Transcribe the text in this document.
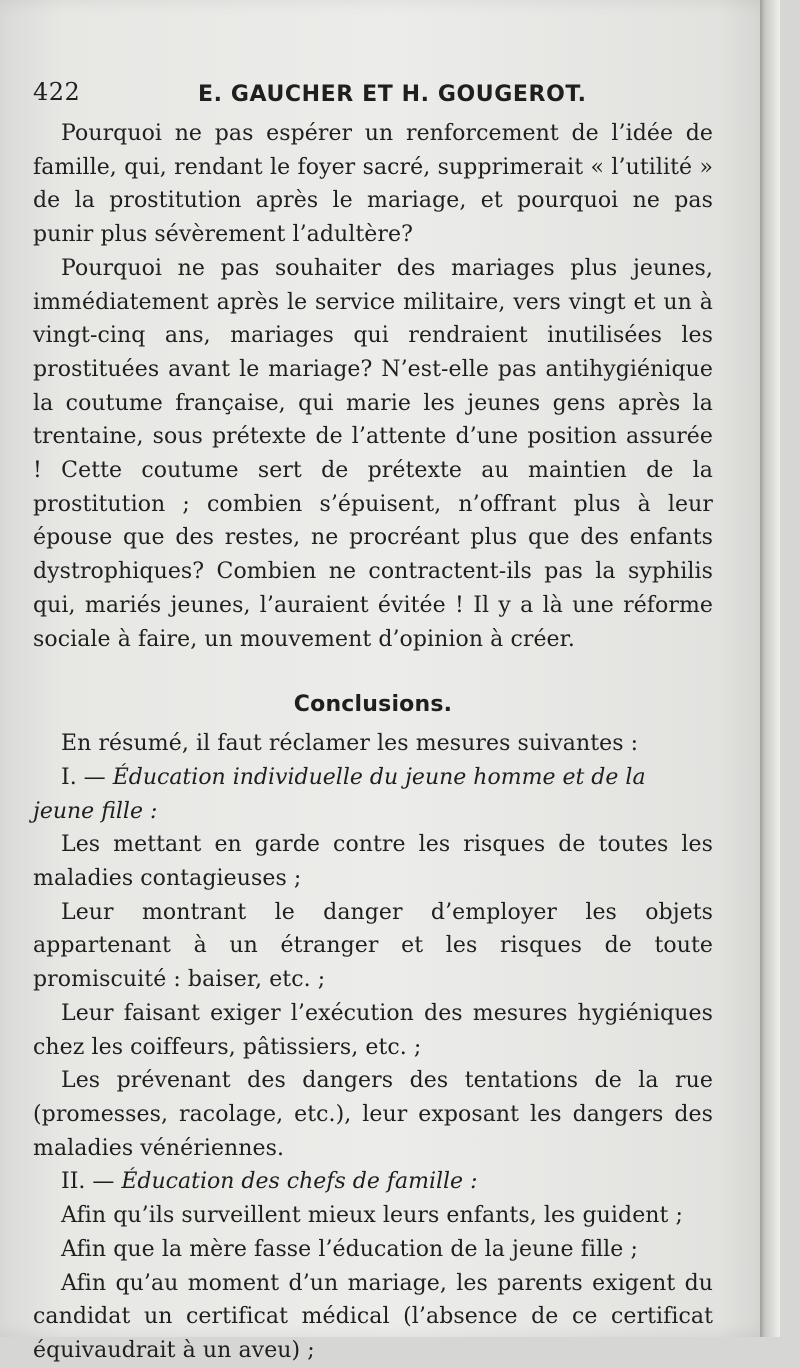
422	E. GAUCHER ET H. GOUGEROT.

Pourquoi ne pas espérer un renforcement de l’idée de famille, qui, rendant le foyer sacré, supprimerait « l’utilité » de la prostitution après le mariage, et pourquoi ne pas punir plus sévèrement l’adultère?

Pourquoi ne pas souhaiter des mariages plus jeunes, immédiatement après le service militaire, vers vingt et un à vingt-cinq ans, mariages qui rendraient inutilisées les prostituées avant le mariage? N’est-elle pas antihygiénique la coutume française, qui marie les jeunes gens après la trentaine, sous prétexte de l’attente d’une position assurée ! Cette coutume sert de prétexte au maintien de la prostitution ; combien s’épuisent, n’offrant plus à leur épouse que des restes, ne procréant plus que des enfants dystrophiques? Combien ne contractent-ils pas la syphilis qui, mariés jeunes, l’auraient évitée ! Il y a là une réforme sociale à faire, un mouvement d’opinion à créer.

Conclusions.

En résumé, il faut réclamer les mesures suivantes :

I. — Éducation individuelle du jeune homme et de la jeune fille :

Les mettant en garde contre les risques de toutes les maladies contagieuses ;

Leur montrant le danger d’employer les objets appartenant à un étranger et les risques de toute promiscuité : baiser, etc. ;

Leur faisant exiger l’exécution des mesures hygiéniques chez les coiffeurs, pâtissiers, etc. ;

Les prévenant des dangers des tentations de la rue (promesses, racolage, etc.), leur exposant les dangers des maladies vénériennes.

II. — Éducation des chefs de famille :

Afin qu’ils surveillent mieux leurs enfants, les guident ;

Afin que la mère fasse l’éducation de la jeune fille ;

Afin qu’au moment d’un mariage, les parents exigent du candidat un certificat médical (l’absence de ce certificat équivaudrait à un aveu) ;
